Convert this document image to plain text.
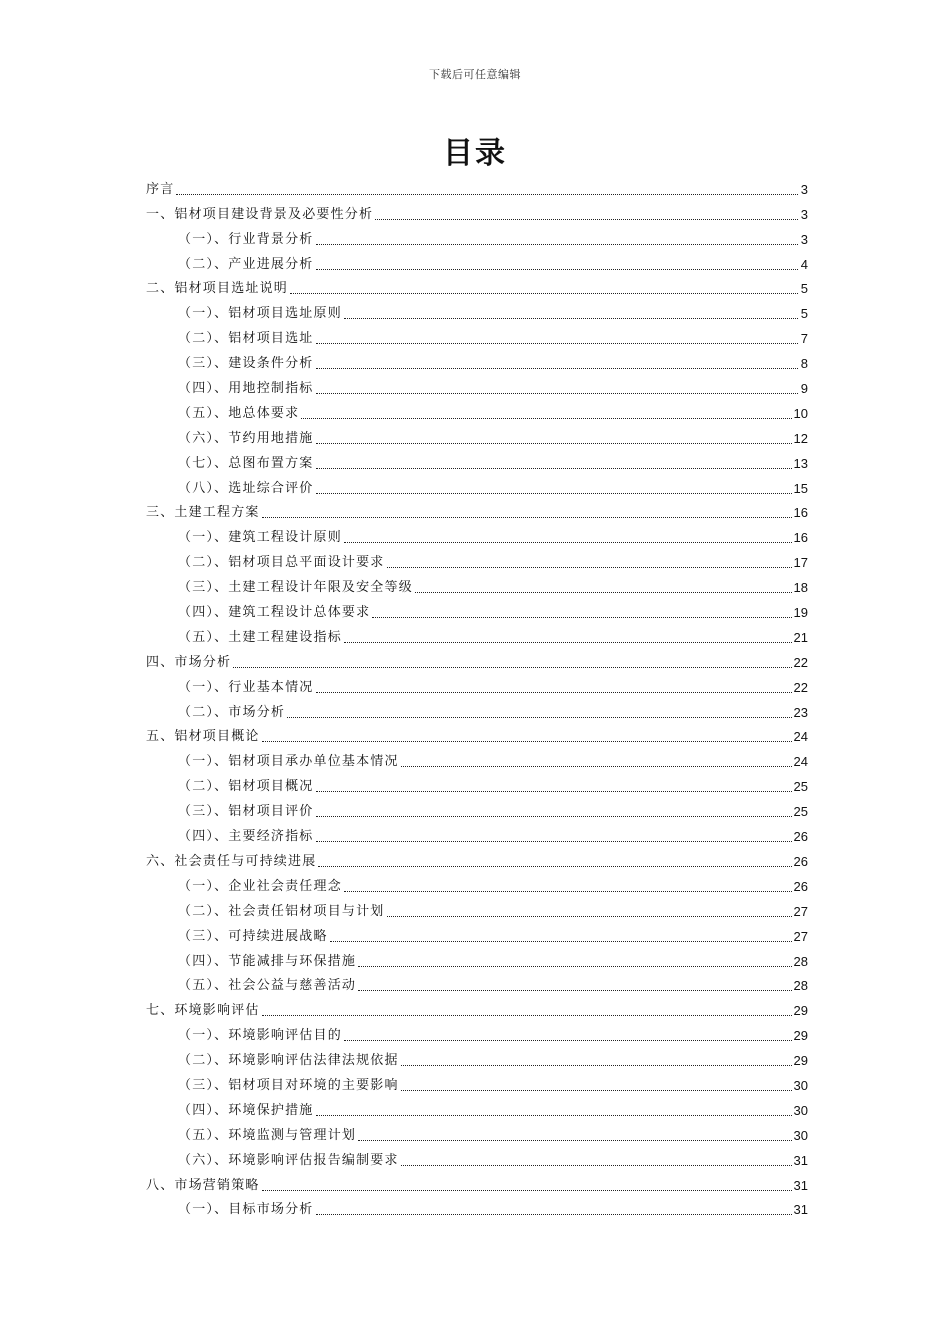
下载后可任意编辑
目录
序言	3
一、铝材项目建设背景及必要性分析	3
（一）、行业背景分析	3
（二）、产业进展分析	4
二、铝材项目选址说明	5
（一）、铝材项目选址原则	5
（二）、铝材项目选址	7
（三）、建设条件分析	8
（四）、用地控制指标	9
（五）、地总体要求	10
（六）、节约用地措施	12
（七）、总图布置方案	13
（八）、选址综合评价	15
三、土建工程方案	16
（一）、建筑工程设计原则	16
（二）、铝材项目总平面设计要求	17
（三）、土建工程设计年限及安全等级	18
（四）、建筑工程设计总体要求	19
（五）、土建工程建设指标	21
四、市场分析	22
（一）、行业基本情况	22
（二）、市场分析	23
五、铝材项目概论	24
（一）、铝材项目承办单位基本情况	24
（二）、铝材项目概况	25
（三）、铝材项目评价	25
（四）、主要经济指标	26
六、社会责任与可持续进展	26
（一）、企业社会责任理念	26
（二）、社会责任铝材项目与计划	27
（三）、可持续进展战略	27
（四）、节能减排与环保措施	28
（五）、社会公益与慈善活动	28
七、环境影响评估	29
（一）、环境影响评估目的	29
（二）、环境影响评估法律法规依据	29
（三）、铝材项目对环境的主要影响	30
（四）、环境保护措施	30
（五）、环境监测与管理计划	30
（六）、环境影响评估报告编制要求	31
八、市场营销策略	31
（一）、目标市场分析	31
